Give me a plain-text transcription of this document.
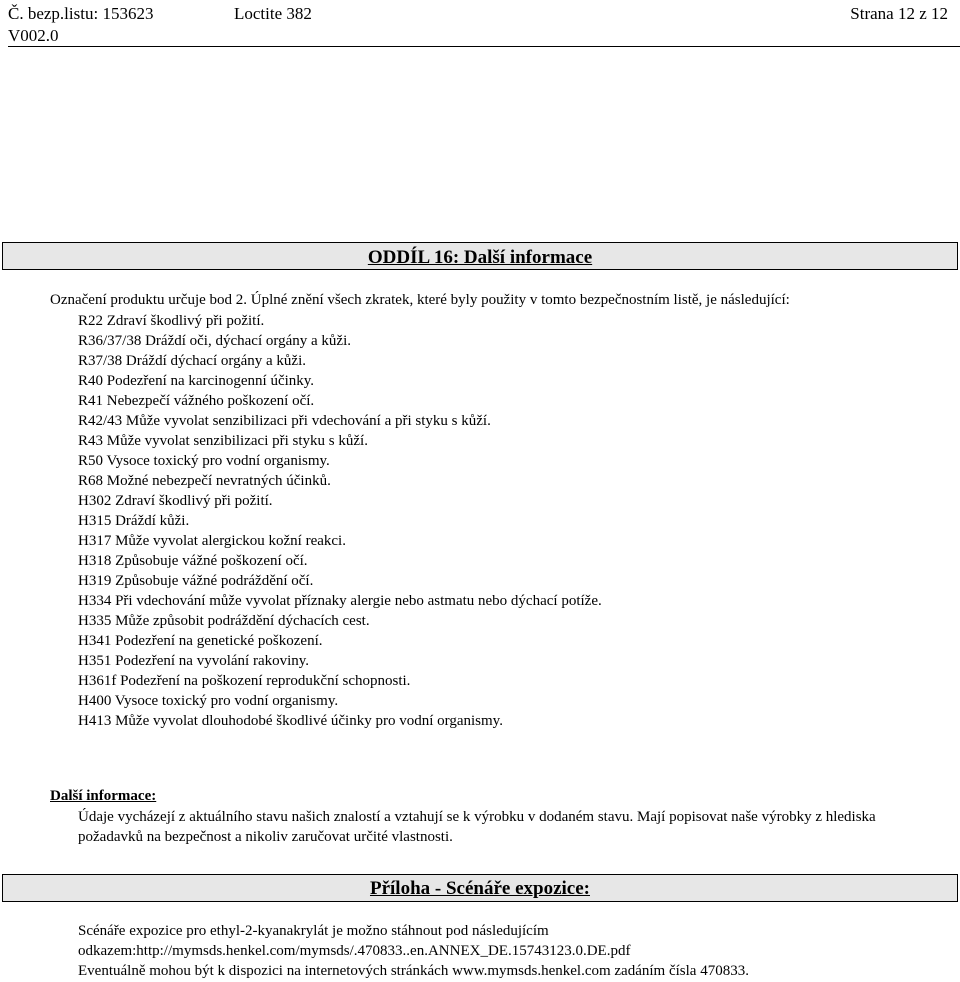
Č. bezp.listu: 153623
V002.0
Loctite 382	Strana 12 z 12
ODDÍL 16: Další informace
Označení produktu určuje bod 2. Úplné znění všech zkratek, které byly použity v tomto bezpečnostním listě, je následující:
R22 Zdraví škodlivý při požití.
R36/37/38 Dráždí oči, dýchací orgány a kůži.
R37/38 Dráždí dýchací orgány a kůži.
R40 Podezření na karcinogenní účinky.
R41 Nebezpečí vážného poškození očí.
R42/43 Může vyvolat senzibilizaci při vdechování a při styku s kůží.
R43 Může vyvolat senzibilizaci při styku s kůží.
R50 Vysoce toxický pro vodní organismy.
R68 Možné nebezpečí nevratných účinků.
H302 Zdraví škodlivý při požití.
H315 Dráždí kůži.
H317 Může vyvolat alergickou kožní reakci.
H318 Způsobuje vážné poškození očí.
H319 Způsobuje vážné podráždění očí.
H334 Při vdechování může vyvolat příznaky alergie nebo astmatu nebo dýchací potíže.
H335 Může způsobit podráždění dýchacích cest.
H341 Podezření na genetické poškození.
H351 Podezření na vyvolání rakoviny.
H361f Podezření na poškození reprodukční schopnosti.
H400 Vysoce toxický pro vodní organismy.
H413 Může vyvolat dlouhodobé škodlivé účinky pro vodní organismy.
Další informace:
Údaje vycházejí z aktuálního stavu našich znalostí a vztahují se k výrobku v dodaném stavu. Mají popisovat naše výrobky z hlediska požadavků na bezpečnost a nikoliv zaručovat určité vlastnosti.
Příloha - Scénáře expozice:
Scénáře expozice pro ethyl-2-kyanakrylát je možno stáhnout pod následujícím
odkazem:http://mymsds.henkel.com/mymsds/.470833..en.ANNEX_DE.15743123.0.DE.pdf
Eventuálně mohou být k dispozici na internetových stránkách www.mymsds.henkel.com zadáním čísla 470833.
